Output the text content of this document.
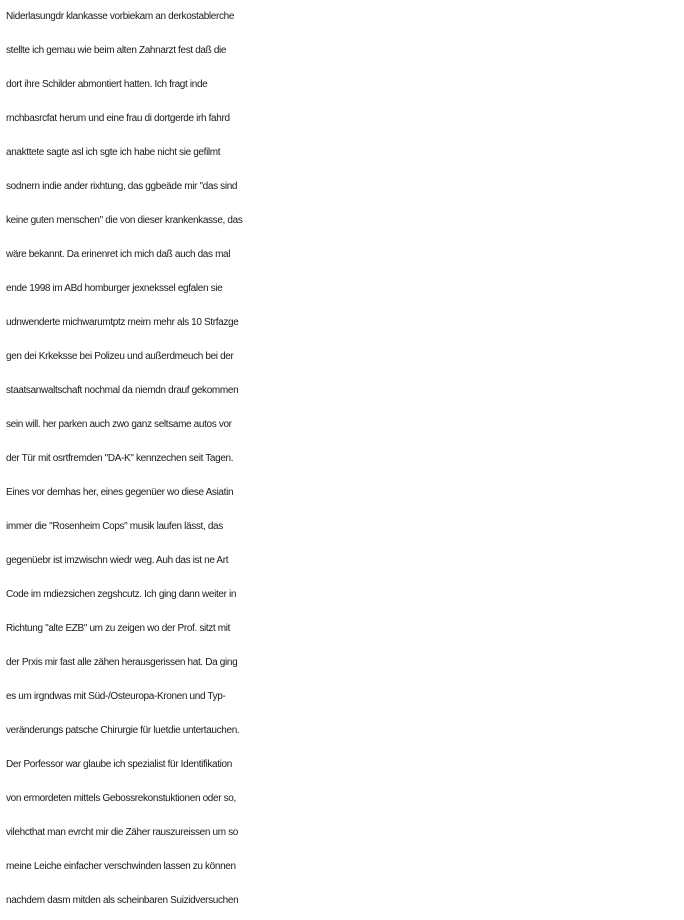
Niderlasungdr klankasse vorbiekam an derkostablerche
stellte ich gemau wie beim alten Zahnarzt fest daß die
dort ihre Schilder abmontiert hatten. Ich fragt inde
rnchbasrcfat herum und eine frau di dortgerde irh fahrd
anakttete sagte asl ich sgte ich habe nicht sie gefilmt
sodnern indie ander rixhtung, das ggbeäde mir "das sind
keine guten menschen" die von dieser krankenkasse, das
wäre bekannt. Da erinenret ich mich daß auch das mal
ende 1998 im ABd homburger jexnekssel egfalen sie
udnwenderte michwarumtptz meirn mehr als 10 Strfazge
gen dei Krkeksse bei Polizeu und außerdmeuch bei der
staatsanwaltschaft nochmal da niemdn drauf gekommen
sein will. her parken auch zwo ganz seltsame autos vor
der Tür mit osrtfremden "DA-K" kennzechen seit Tagen.
Eines vor demhas her, eines gegenüer wo diese Asiatin
immer die "Rosenheim Cops" musik laufen lässt, das
gegenüebr ist imzwischn wiedr weg. Auh das ist ne Art
Code im mdiezsichen zegshcutz. Ich ging dann weiter in
Richtung "alte EZB" um zu zeigen wo der Prof. sitzt mit
der Prxis mir fast alle zähen herausgerissen hat. Da ging
es um irgndwas mit Süd-/Osteuropa-Kronen und Typ-
veränderungs patsche Chirurgie für luetdie untertauchen.
Der Porfessor war glaube ich spezialist für Identifikation
von ermordeten mittels Gebossrekonstuktionen oder so,
vilehcthat man evrcht mir die Zäher rauszureissen um so
meine Leiche einfacher verschwinden lassen zu können
nachdem dasm mitden als scheinbaren Suizidversuchen
